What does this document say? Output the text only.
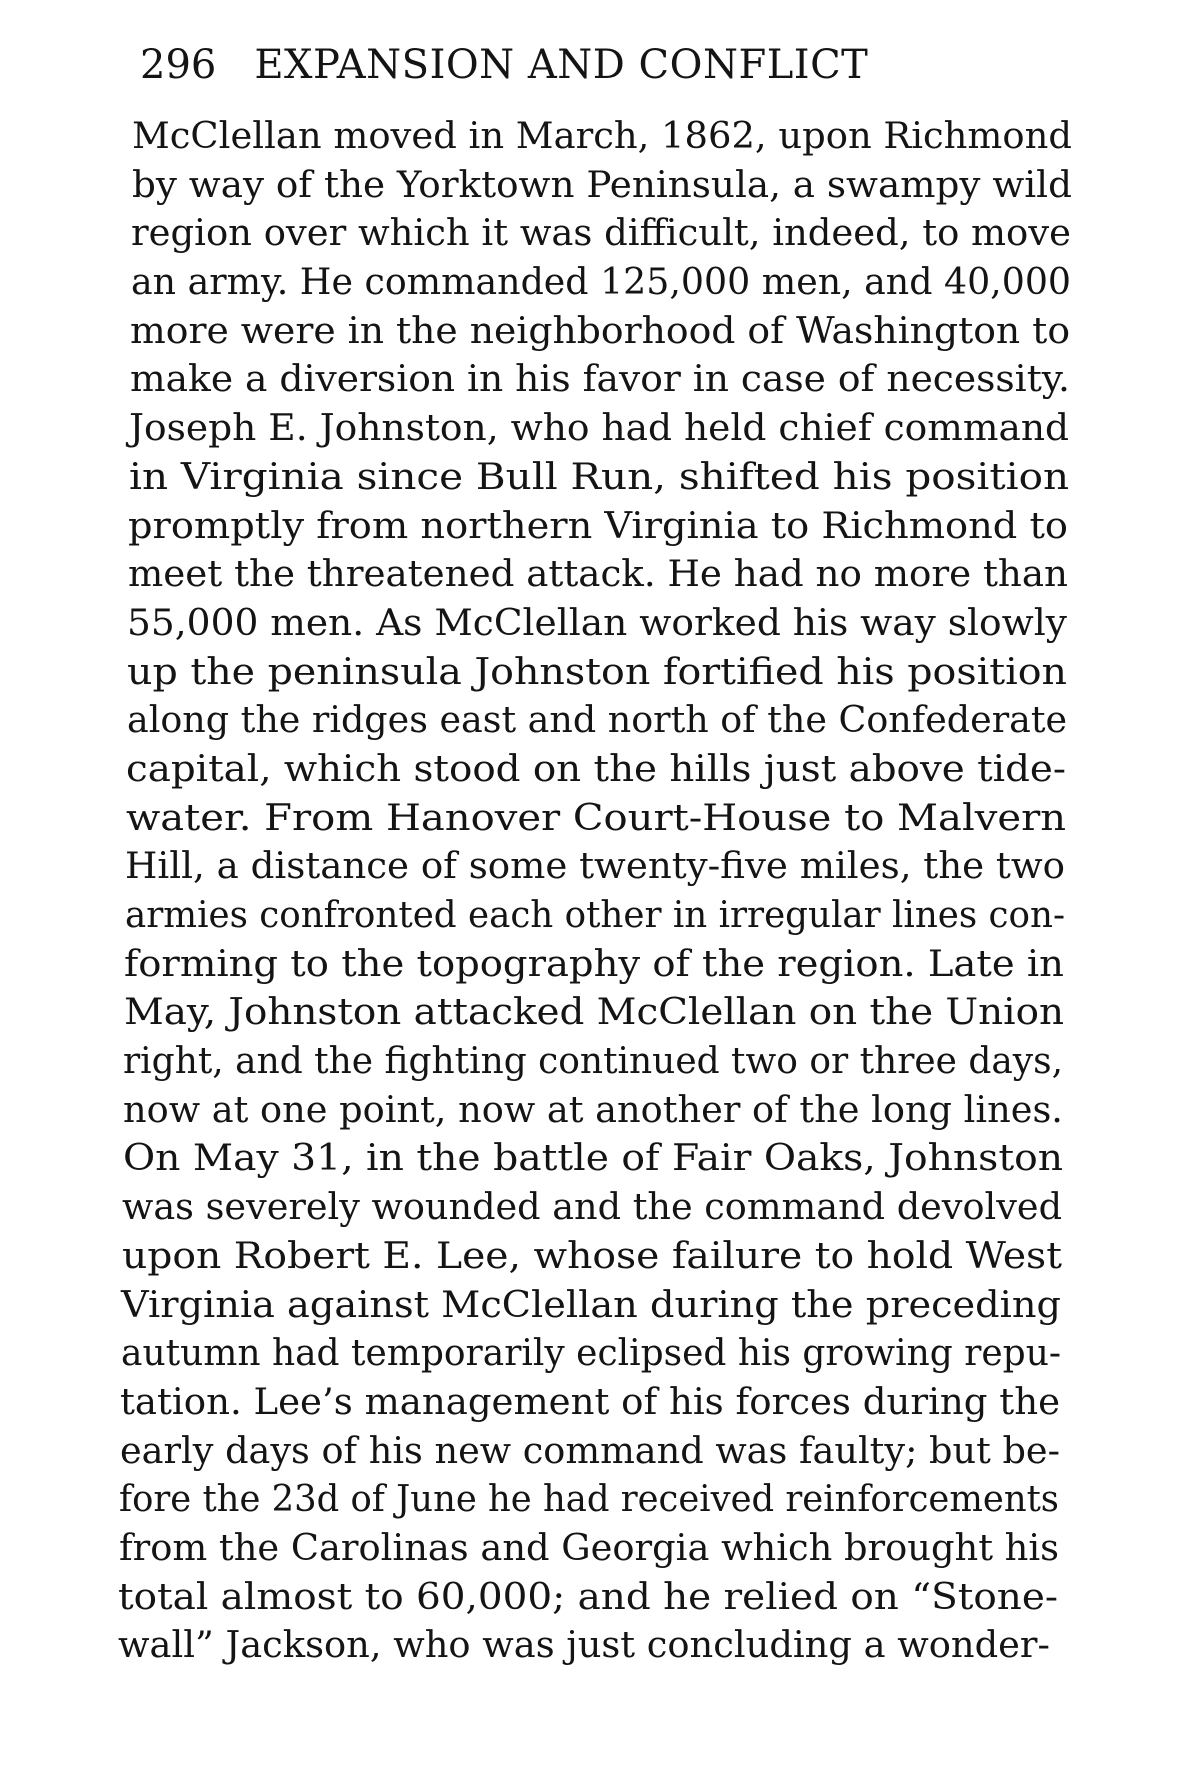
296 EXPANSION AND CONFLICT
McClellan moved in March, 1862, upon Richmond
by way of the Yorktown Peninsula, a swampy wild
region over which it was difficult, indeed, to move
an army. He commanded 125,000 men, and 40,000
more were in the neighborhood of Washington to
make a diversion in his favor in case of necessity.
Joseph E. Johnston, who had held chief command
in Virginia since Bull Run, shifted his position
promptly from northern Virginia to Richmond to
meet the threatened attack. He had no more than
55,000 men. As McClellan worked his way slowly
up the peninsula Johnston fortified his position
along the ridges east and north of the Confederate
capital, which stood on the hills just above tide-
water. From Hanover Court-House to Malvern
Hill, a distance of some twenty-five miles, the two
armies confronted each other in irregular lines con-
forming to the topography of the region. Late in
May, Johnston attacked McClellan on the Union
right, and the fighting continued two or three days,
now at one point, now at another of the long lines.
On May 31, in the battle of Fair Oaks, Johnston
was severely wounded and the command devolved
upon Robert E. Lee, whose failure to hold West
Virginia against McClellan during the preceding
autumn had temporarily eclipsed his growing repu-
tation. Lee’s management of his forces during the
early days of his new command was faulty; but be-
fore the 23d of June he had received reinforcements
from the Carolinas and Georgia which brought his
total almost to 60,000; and he relied on “Stone-
wall” Jackson, who was just concluding a wonder-
